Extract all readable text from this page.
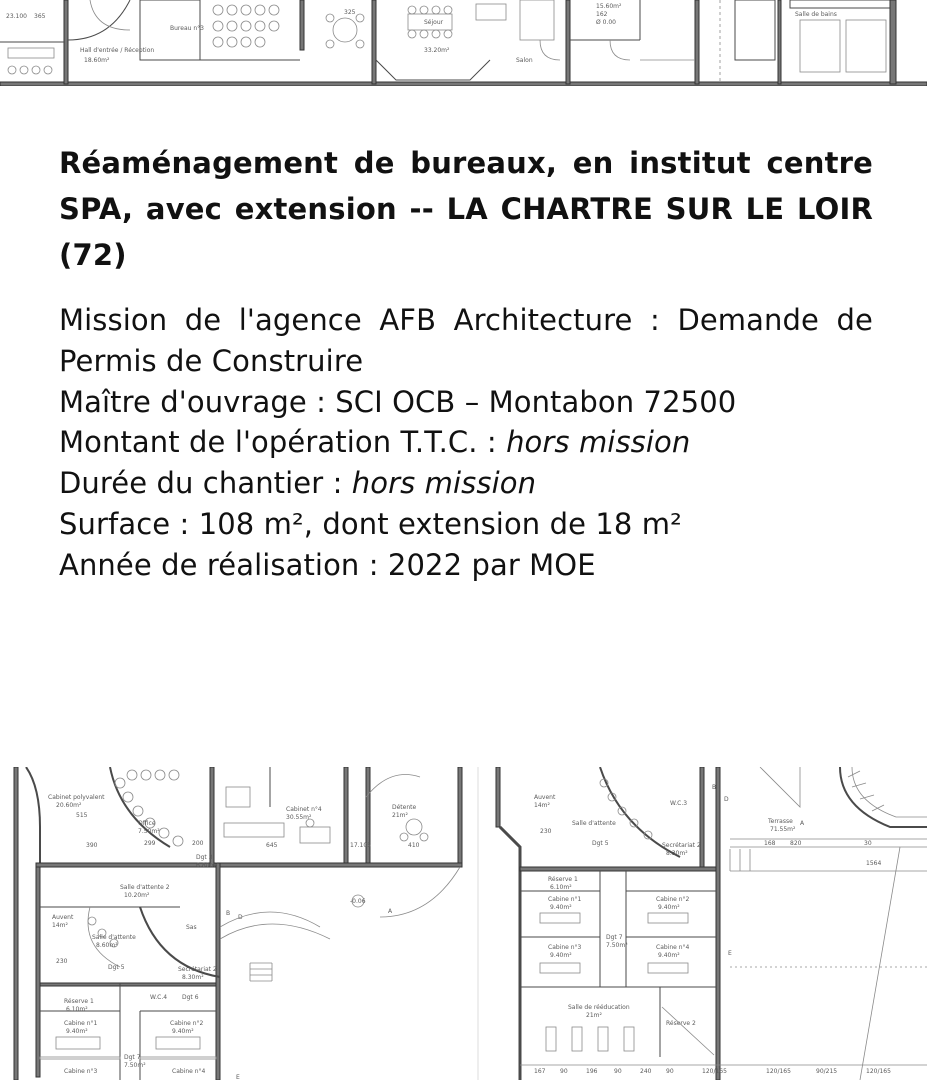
23.100 365
Hall d'entrée / Réception
18.60m²
Bureau n°3
325
Séjour
33.20m²
Salon
15.60m²
162
Ø 0.00
Salle de bains
Réaménagement de bureaux, en institut centre SPA, avec extension -- LA CHARTRE SUR LE LOIR (72)
Mission de l'agence AFB Architecture : Demande de Permis de Construire
Maître d'ouvrage : SCI OCB – Montabon 72500
Montant de l'opération T.T.C. : hors mission
Durée du chantier : hors mission
Surface : 108 m², dont extension de 18 m²
Année de réalisation : 2022 par MOE
Cabinet polyvalent
20.60m²
515
Office
7.50m²
390	299	200
Cabinet n°4
30.55m²
645
Détente
21m²
17.105	410
Salle d'attente 2
10.20m²
Dgt 3
6.80m²
Salle d'attente
8.60m²
Sas
Auvent
14m²
230
Dgt 5	Secrétariat 2
8.30m²
B
D
A
-0.06
Réserve 1
6.10m²
Cabine n°1
9.40m²
Cabine n°2
9.40m²
Dgt 7
7.50m²
Cabine n°3	Cabine n°4
E
W.C.4 Dgt 6
Auvent
14m²
Salle d'attente
230
Dgt 5	Secrétariat 2
8.30m²
W.C.3
B
D
Réserve 1
6.10m²
Cabine n°1
9.40m²
Cabine n°2
9.40m²
Dgt 7
7.50m²
Cabine n°3
9.40m²
Cabine n°4
9.40m²	E
Salle de rééducation
21m²
Réserve 2
167 90	196	90	240 90	120/165	120/165	90/215	120/165
Terrasse
71.55m²
A
168 820	30
1564
